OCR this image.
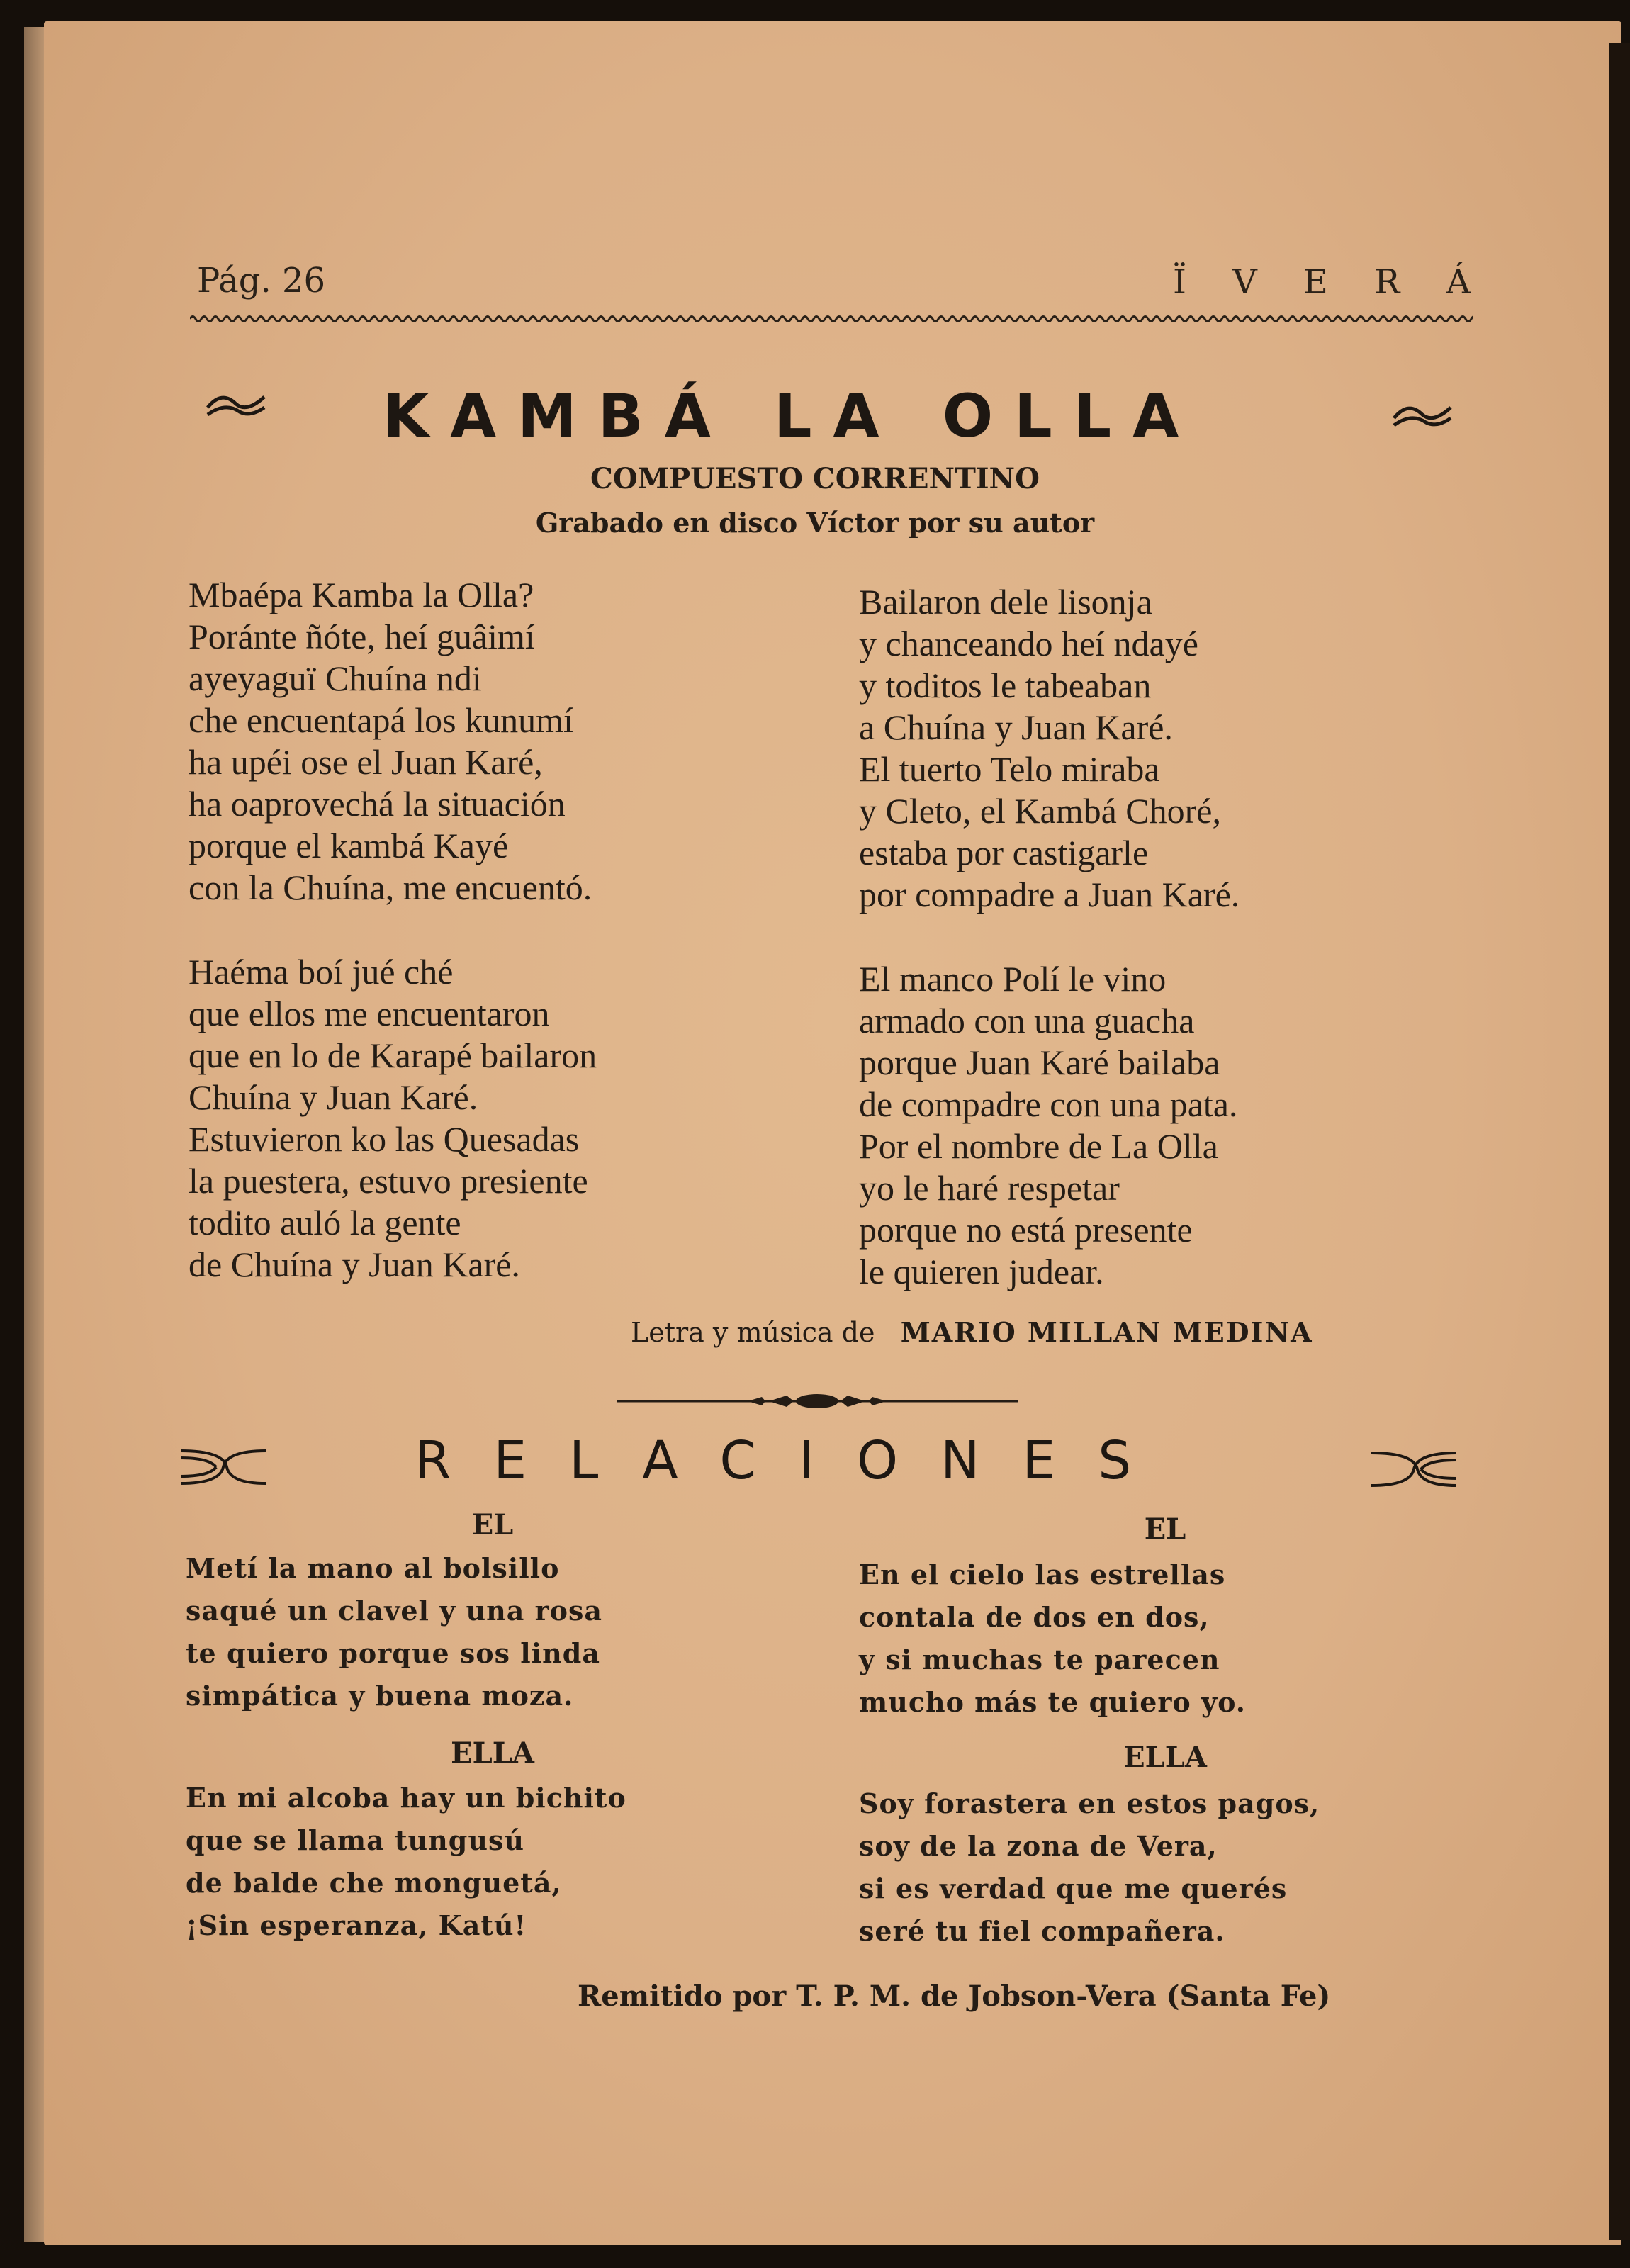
Pág. 26	Ï V E R Á
KAMBÁ LA OLLA
COMPUESTO CORRENTINO
Grabado en disco Víctor por su autor
Mbaépa Kamba la Olla?
Poránte ñóte, heí guâimí
ayeyaguï Chuína ndi
che encuentapá los kunumí
ha upéi ose el Juan Karé,
ha oaprovechá la situación
porque el kambá Kayé
con la Chuína, me encuentó.
Bailaron dele lisonja
y chanceando heí ndayé
y toditos le tabeaban
a Chuína y Juan Karé.
El tuerto Telo miraba
y Cleto, el Kambá Choré,
estaba por castigarle
por compadre a Juan Karé.
Haéma boí jué ché
que ellos me encuentaron
que en lo de Karapé bailaron
Chuína y Juan Karé.
Estuvieron ko las Quesadas
la puestera, estuvo presiente
todito auló la gente
de Chuína y Juan Karé.
El manco Polí le vino
armado con una guacha
porque Juan Karé bailaba
de compadre con una pata.
Por el nombre de La Olla
yo le haré respetar
porque no está presente
le quieren judear.
Letra y música de MARIO MILLAN MEDINA
RELACIONES
EL	EL
Metí la mano al bolsillo
saqué un clavel y una rosa
te quiero porque sos linda
simpática y buena moza.
En el cielo las estrellas
contala de dos en dos,
y si muchas te parecen
mucho más te quiero yo.
ELLA	ELLA
En mi alcoba hay un bichito
que se llama tungusú
de balde che monguetá,
¡Sin esperanza, Katú!
Soy forastera en estos pagos,
soy de la zona de Vera,
si es verdad que me querés
seré tu fiel compañera.
Remitido por T. P. M. de Jobson-Vera (Santa Fe)
